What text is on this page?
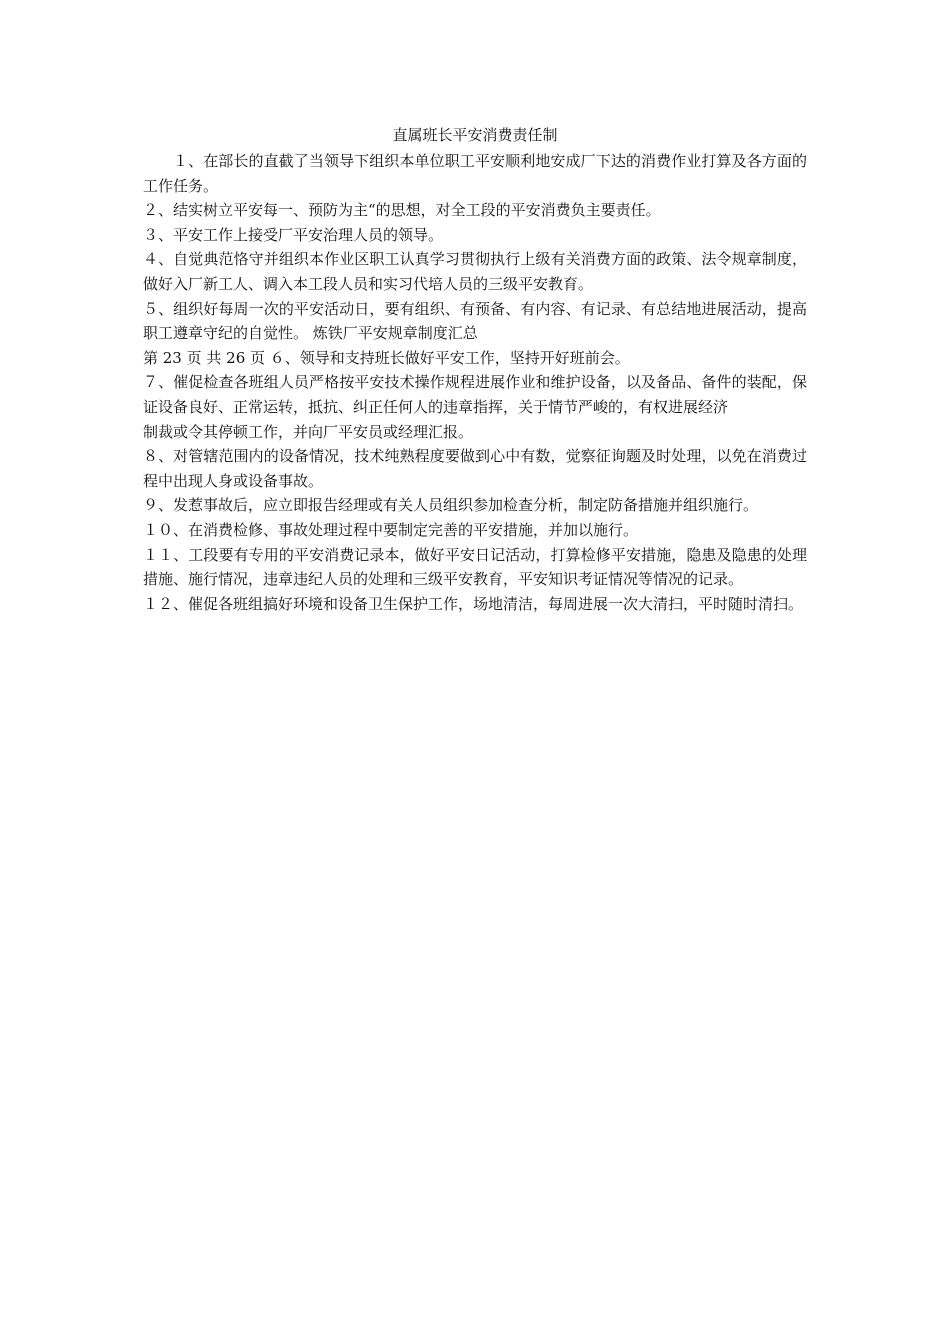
直属班长平安消费责任制

１、在部长的直截了当领导下组织本单位职工平安顺利地安成厂下达的消费作业打算及各方面的工作任务。

２、结实树立平安每一、预防为主“的思想，对全工段的平安消费负主要责任。

３、平安工作上接受厂平安治理人员的领导。

４、自觉典范恪守并组织本作业区职工认真学习贯彻执行上级有关消费方面的政策、法令规章制度，做好入厂新工人、调入本工段人员和实习代培人员的三级平安教育。

５、组织好每周一次的平安活动日，要有组织、有预备、有内容、有记录、有总结地进展活动，提高职工遵章守纪的自觉性。 炼铁厂平安规章制度汇总

第 23 页 共 26 页 ６、领导和支持班长做好平安工作，坚持开好班前会。

７、催促检查各班组人员严格按平安技术操作规程进展作业和维护设备，以及备品、备件的装配，保证设备良好、正常运转，抵抗、纠正任何人的违章指挥，关于情节严峻的，有权进展经济

制裁或令其停顿工作，并向厂平安员或经理汇报。

８、对管辖范围内的设备情况，技术纯熟程度要做到心中有数，觉察征询题及时处理，以免在消费过程中出现人身或设备事故。

９、发惹事故后，应立即报告经理或有关人员组织参加检查分析，制定防备措施并组织施行。

１０、在消费检修、事故处理过程中要制定完善的平安措施，并加以施行。

１１、工段要有专用的平安消费记录本，做好平安日记活动，打算检修平安措施，隐患及隐患的处理措施、施行情况，违章违纪人员的处理和三级平安教育，平安知识考证情况等情况的记录。

１２、催促各班组搞好环境和设备卫生保护工作，场地清洁，每周进展一次大清扫，平时随时清扫。
